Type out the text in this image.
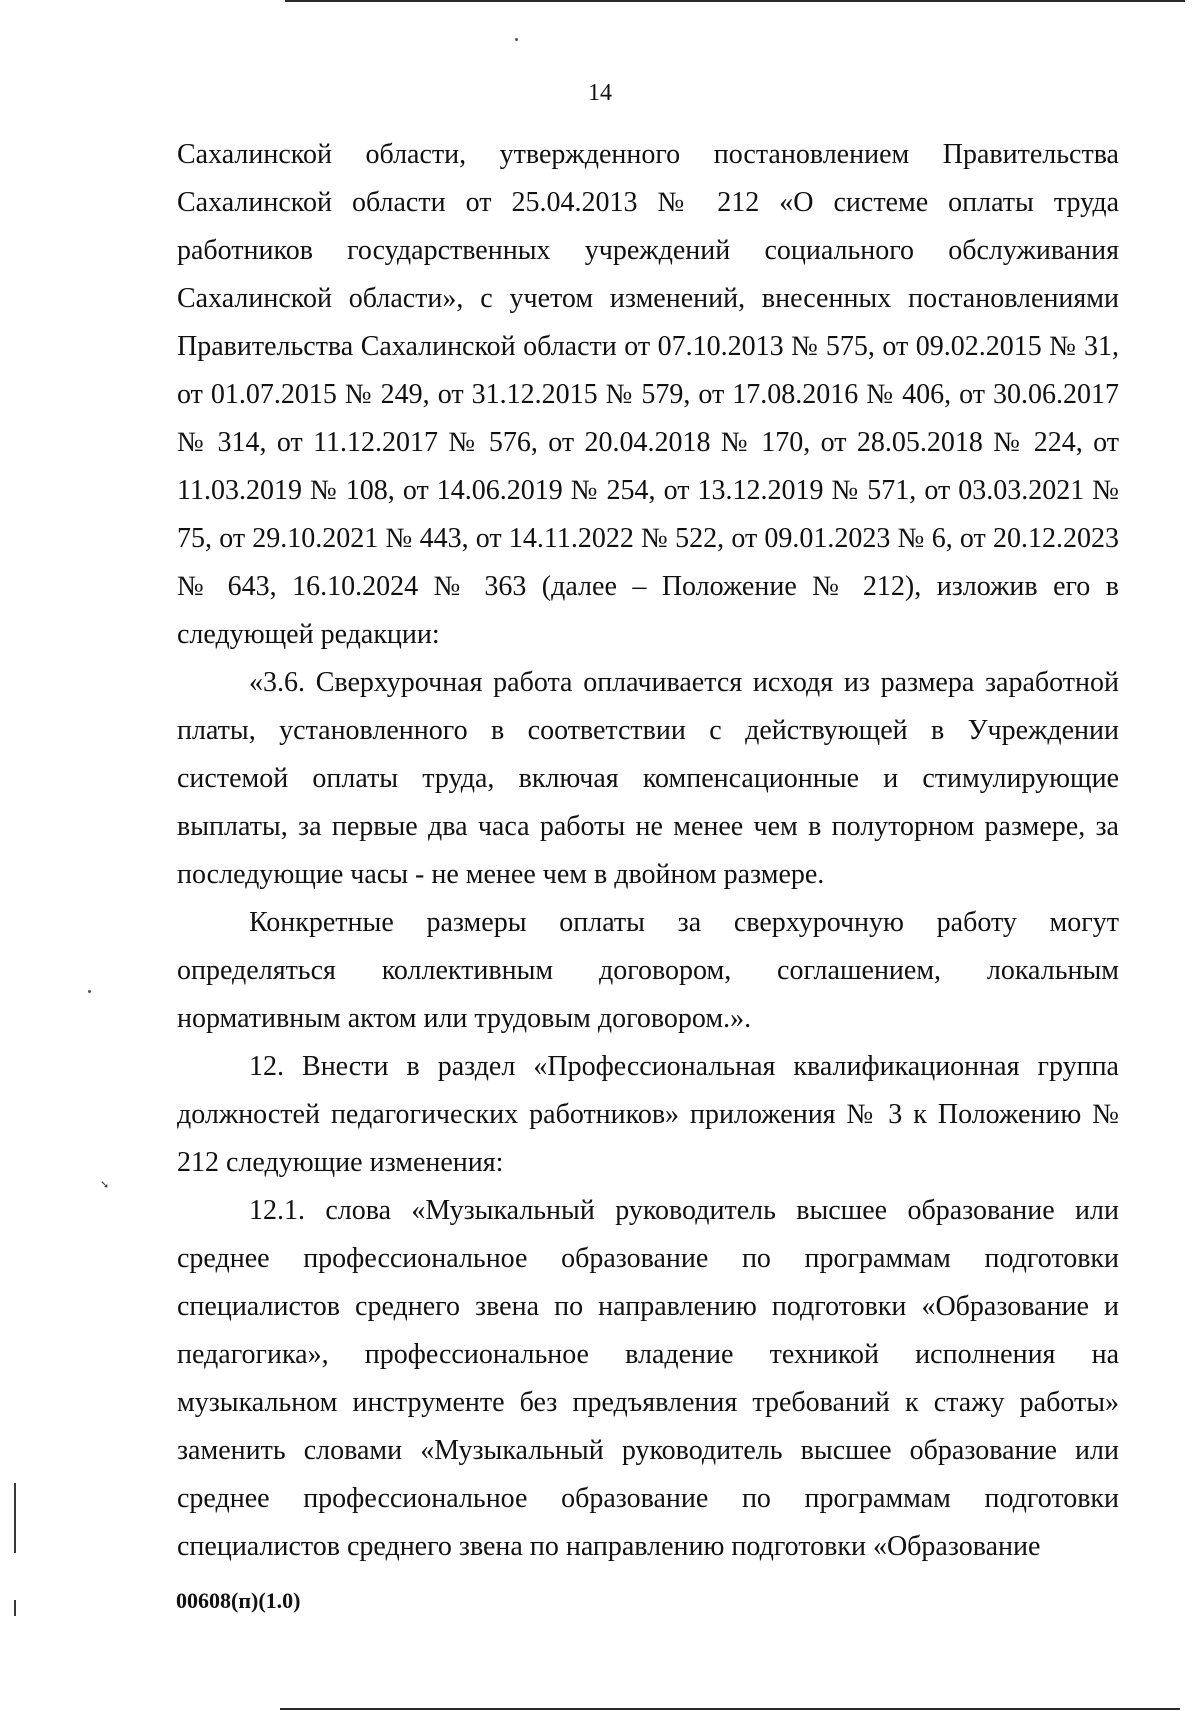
➘
14

Сахалинской области, утвержденного постановлением Правительства Сахалинской области от 25.04.2013 № 212 «О системе оплаты труда работников государственных учреждений социального обслуживания Сахалинской области», с учетом изменений, внесенных постановлениями Правительства Сахалинской области от 07.10.2013 № 575, от 09.02.2015 № 31, от 01.07.2015 № 249, от 31.12.2015 № 579, от 17.08.2016 № 406, от 30.06.2017 № 314, от 11.12.2017 № 576, от 20.04.2018 № 170, от 28.05.2018 № 224, от 11.03.2019 № 108, от 14.06.2019 № 254, от 13.12.2019 № 571, от 03.03.2021 № 75, от 29.10.2021 № 443, от 14.11.2022 № 522, от 09.01.2023 № 6, от 20.12.2023 № 643, 16.10.2024 № 363 (далее – Положение № 212), изложив его в следующей редакции:

«3.6. Сверхурочная работа оплачивается исходя из размера заработной платы, установленного в соответствии с действующей в Учреждении системой оплаты труда, включая компенсационные и стимулирующие выплаты, за первые два часа работы не менее чем в полуторном размере, за последующие часы - не менее чем в двойном размере.

Конкретные размеры оплаты за сверхурочную работу могут определяться коллективным договором, соглашением, локальным нормативным актом или трудовым договором.».

12. Внести в раздел «Профессиональная квалификационная группа должностей педагогических работников» приложения № 3 к Положению № 212 следующие изменения:

12.1. слова «Музыкальный руководитель высшее образование или среднее профессиональное образование по программам подготовки специалистов среднего звена по направлению подготовки «Образование и педагогика», профессиональное владение техникой исполнения на музыкальном инструменте без предъявления требований к стажу работы» заменить словами «Музыкальный руководитель высшее образование или среднее профессиональное образование по программам подготовки специалистов среднего звена по направлению подготовки «Образование

00608(п)(1.0)
